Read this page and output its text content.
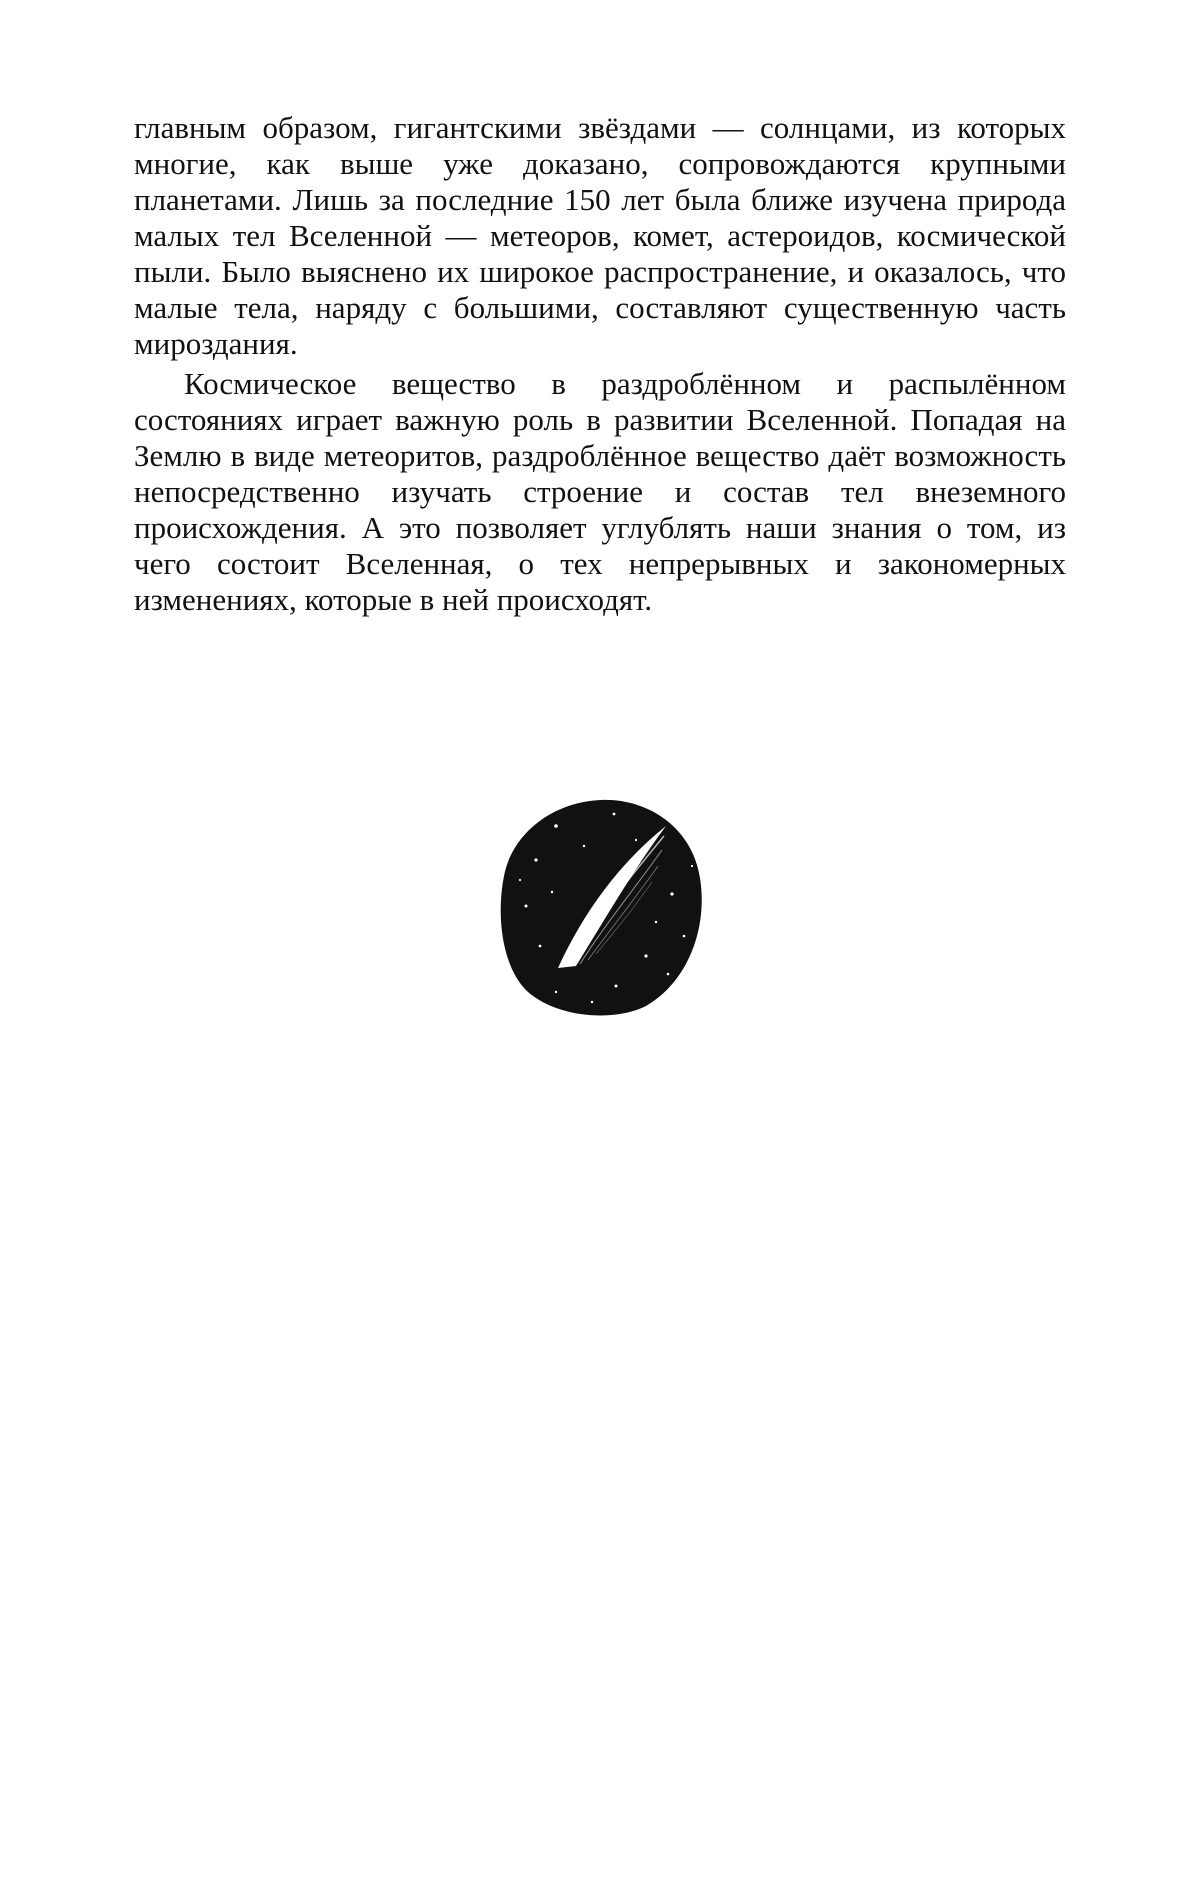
главным образом, гигантскими звёздами — солнцами, из которых многие, как выше уже доказано, сопровождаются крупными планетами. Лишь за последние 150 лет была ближе изучена природа малых тел Вселенной — метеоров, комет, астероидов, космической пыли. Было выяснено их широкое распространение, и оказалось, что малые тела, наряду с большими, составляют существенную часть мироздания.

Космическое вещество в раздроблённом и распылённом состояниях играет важную роль в развитии Вселенной. Попадая на Землю в виде метеоритов, раздроблённое вещество даёт возможность непосредственно изучать строение и состав тел внеземного происхождения. А это позволяет углублять наши знания о том, из чего состоит Вселенная, о тех непрерывных и закономерных изменениях, которые в ней происходят.
